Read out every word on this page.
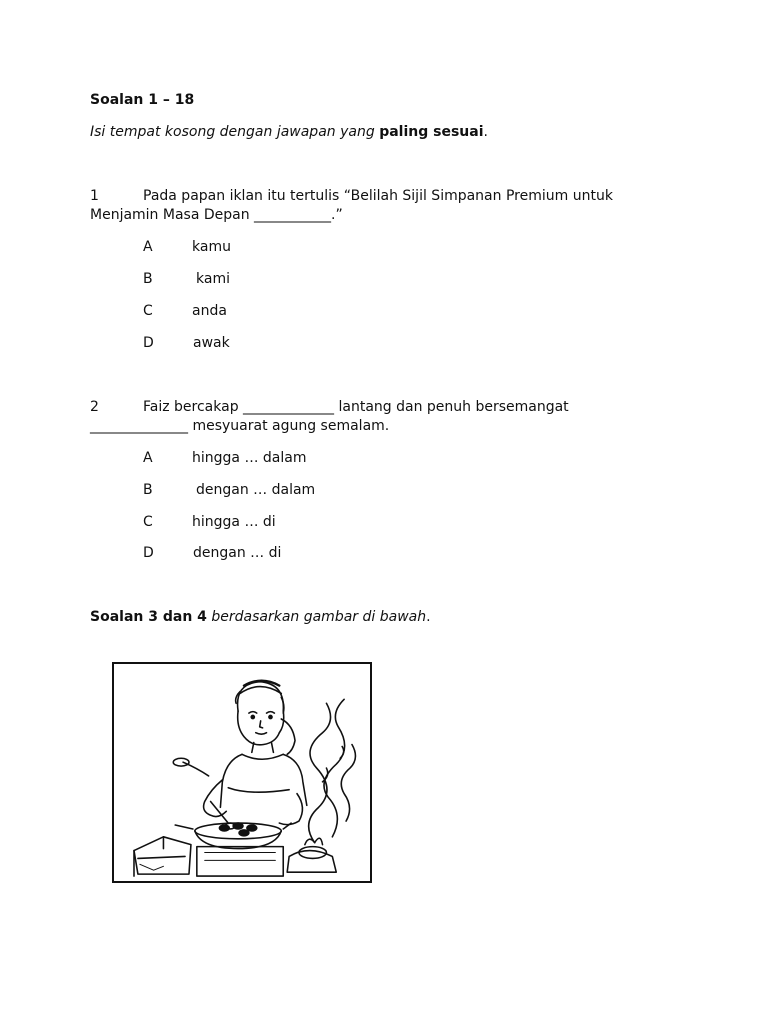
Soalan 1 – 18
Isi tempat kosong dengan jawapan yang paling sesuai.
1	Pada papan iklan itu tertulis “Belilah Sijil Simpanan Premium untuk
Menjamin Masa Depan ___________.”
A	kamu
B	kami
C	anda
D	awak
2	Faiz bercakap _____________ lantang dan penuh bersemangat
______________ mesyuarat agung semalam.
A	hingga … dalam
B	dengan … dalam
C	hingga … di
D	dengan … di
Soalan 3 dan 4 berdasarkan gambar di bawah.
